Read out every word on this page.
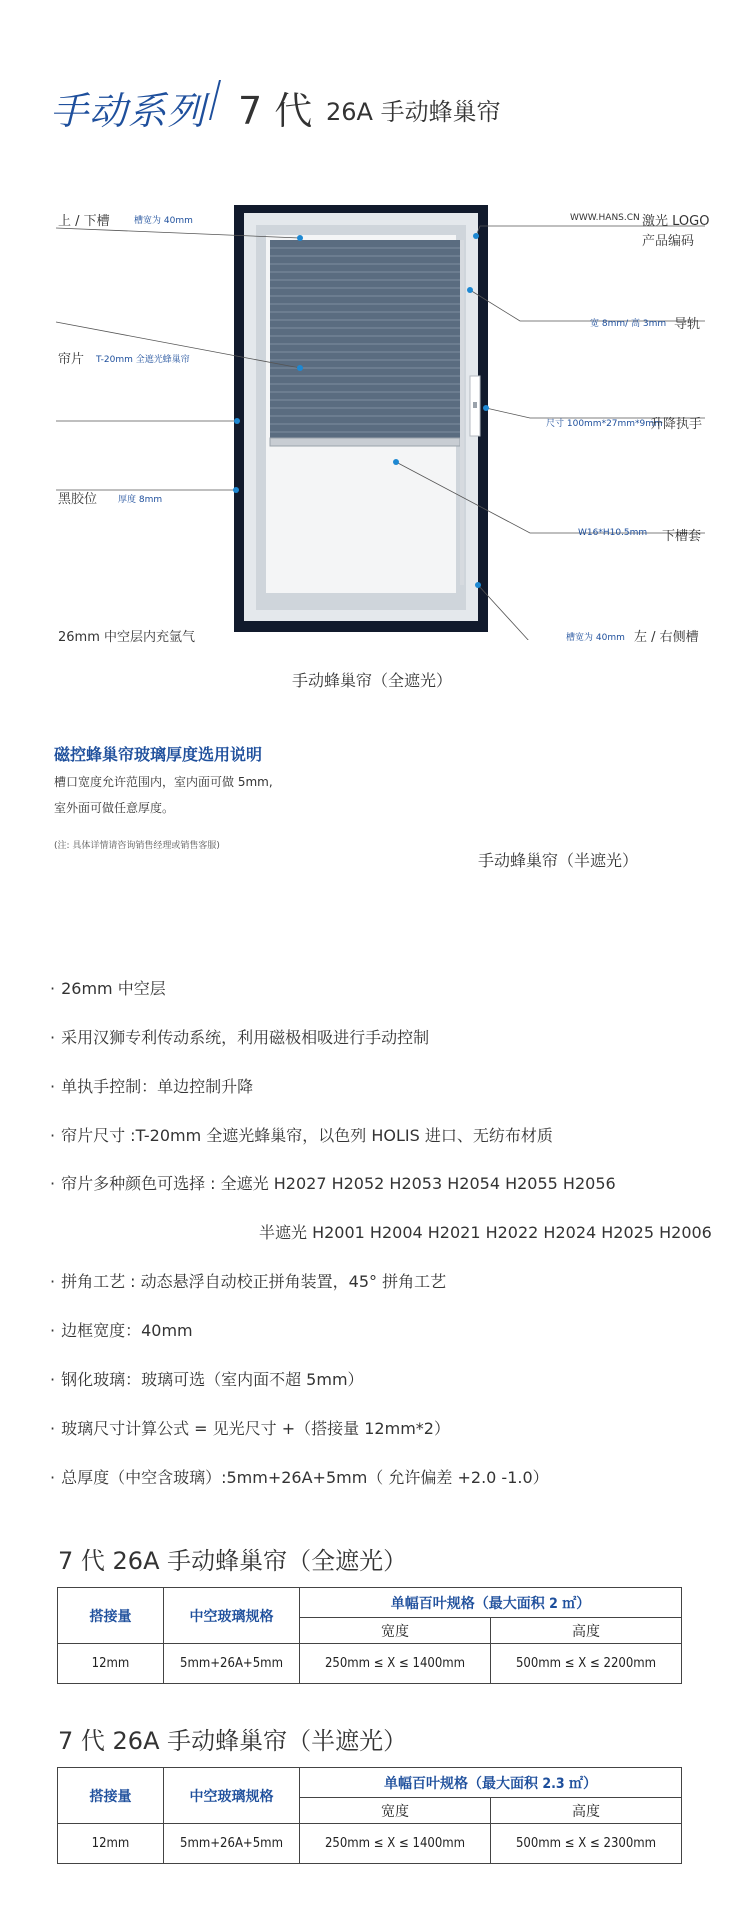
手动系列 7 代 26A 手动蜂巢帘
上 / 下槽	槽宽为 40mm
帘片 T-20mm 全遮光蜂巢帘
黑胶位 厚度 8mm
26mm 中空层内充氩气
WWW.HANS.CN 激光 LOGO
产品编码
宽 8mm/ 高 3mm 导轨
尺寸 100mm*27mm*9mm
升降执手
W16*H10.5mm 下槽套
槽宽为 40mm 左 / 右侧槽
手动蜂巢帘（全遮光）
手动蜂巢帘（半遮光）
磁控蜂巢帘玻璃厚度选用说明
槽口宽度允许范围内，室内面可做 5mm,
室外面可做任意厚度。
(注: 具体详情请咨询销售经理或销售客服)
· 26mm 中空层
· 采用汉狮专利传动系统，利用磁极相吸进行手动控制
· 单执手控制：单边控制升降
· 帘片尺寸 :T-20mm 全遮光蜂巢帘，以色列 HOLIS 进口、无纺布材质
· 帘片多种颜色可选择 : 全遮光 H2027 H2052 H2053 H2054 H2055 H2056
半遮光 H2001 H2004 H2021 H2022 H2024 H2025 H2006
· 拼角工艺 : 动态悬浮自动校正拼角装置，45° 拼角工艺
· 边框宽度：40mm
· 钢化玻璃：玻璃可选（室内面不超 5mm）
· 玻璃尺寸计算公式 = 见光尺寸 +（搭接量 12mm*2）
· 总厚度（中空含玻璃）:5mm+26A+5mm（ 允许偏差 +2.0 -1.0）
7 代 26A 手动蜂巢帘（全遮光）
搭接量	中空玻璃规格	单幅百叶规格（最大面积 2 ㎡）	
		宽度	高度
12mm	5mm+26A+5mm	250mm ≤ X ≤ 1400mm	500mm ≤ X ≤ 2200mm
7 代 26A 手动蜂巢帘（半遮光）
搭接量	中空玻璃规格	单幅百叶规格（最大面积 2.3 ㎡）	
		宽度	高度
12mm	5mm+26A+5mm	250mm ≤ X ≤ 1400mm	500mm ≤ X ≤ 2300mm
